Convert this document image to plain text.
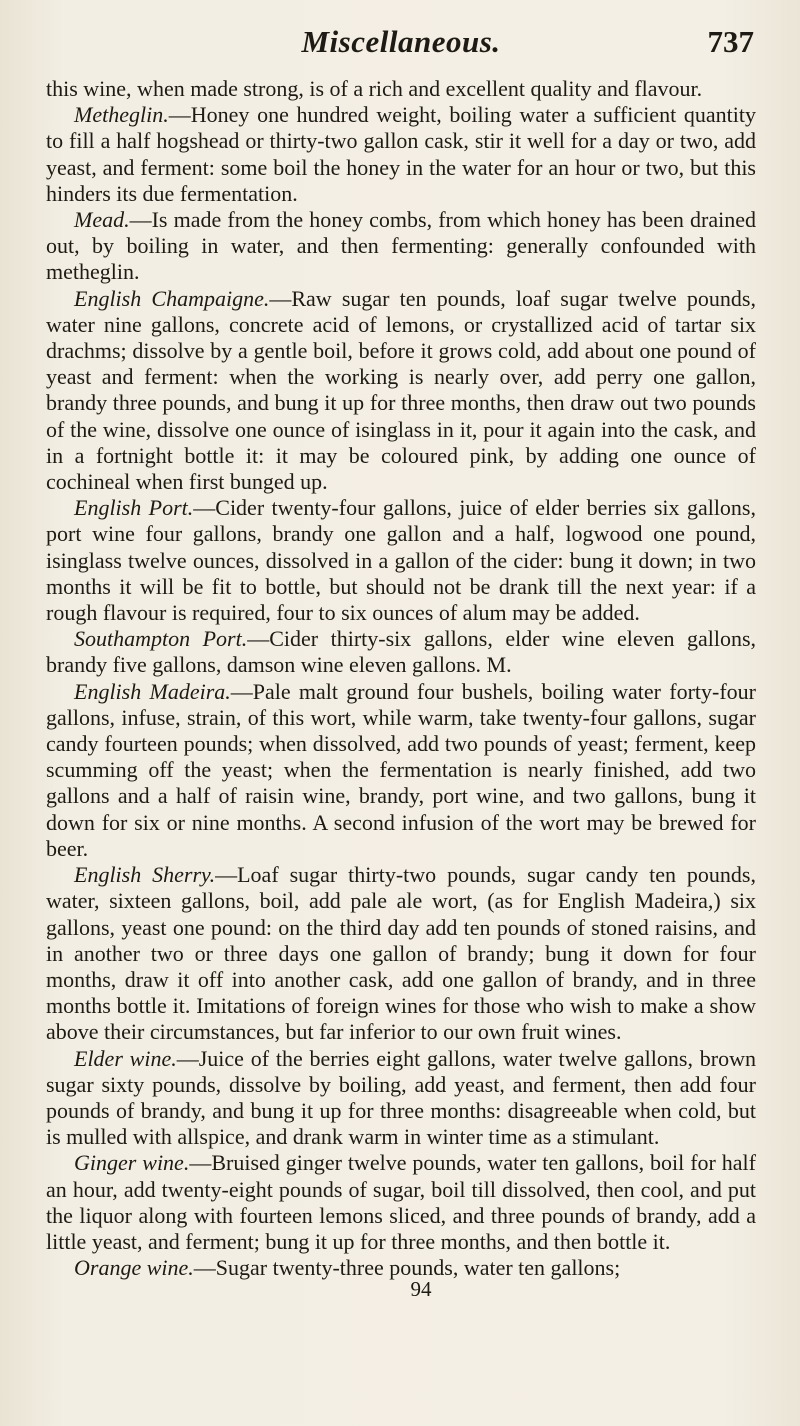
Miscellaneous.	737

this wine, when made strong, is of a rich and excellent quality and flavour.

Metheglin.—Honey one hundred weight, boiling water a sufficient quantity to fill a half hogshead or thirty-two gallon cask, stir it well for a day or two, add yeast, and ferment: some boil the honey in the water for an hour or two, but this hinders its due fermentation.

Mead.—Is made from the honey combs, from which honey has been drained out, by boiling in water, and then fermenting: generally confounded with metheglin.

English Champaigne.—Raw sugar ten pounds, loaf sugar twelve pounds, water nine gallons, concrete acid of lemons, or crystallized acid of tartar six drachms; dissolve by a gentle boil, before it grows cold, add about one pound of yeast and ferment: when the working is nearly over, add perry one gallon, brandy three pounds, and bung it up for three months, then draw out two pounds of the wine, dissolve one ounce of isinglass in it, pour it again into the cask, and in a fortnight bottle it: it may be coloured pink, by adding one ounce of cochineal when first bunged up.

English Port.—Cider twenty-four gallons, juice of elder berries six gallons, port wine four gallons, brandy one gallon and a half, logwood one pound, isinglass twelve ounces, dissolved in a gallon of the cider: bung it down; in two months it will be fit to bottle, but should not be drank till the next year: if a rough flavour is required, four to six ounces of alum may be added.

Southampton Port.—Cider thirty-six gallons, elder wine eleven gallons, brandy five gallons, damson wine eleven gallons. M.

English Madeira.—Pale malt ground four bushels, boiling water forty-four gallons, infuse, strain, of this wort, while warm, take twenty-four gallons, sugar candy fourteen pounds; when dissolved, add two pounds of yeast; ferment, keep scumming off the yeast; when the fermentation is nearly finished, add two gallons and a half of raisin wine, brandy, port wine, and two gallons, bung it down for six or nine months. A second infusion of the wort may be brewed for beer.

English Sherry.—Loaf sugar thirty-two pounds, sugar candy ten pounds, water, sixteen gallons, boil, add pale ale wort, (as for English Madeira,) six gallons, yeast one pound: on the third day add ten pounds of stoned raisins, and in another two or three days one gallon of brandy; bung it down for four months, draw it off into another cask, add one gallon of brandy, and in three months bottle it. Imitations of foreign wines for those who wish to make a show above their circumstances, but far inferior to our own fruit wines.

Elder wine.—Juice of the berries eight gallons, water twelve gallons, brown sugar sixty pounds, dissolve by boiling, add yeast, and ferment, then add four pounds of brandy, and bung it up for three months: disagreeable when cold, but is mulled with allspice, and drank warm in winter time as a stimulant.

Ginger wine.—Bruised ginger twelve pounds, water ten gallons, boil for half an hour, add twenty-eight pounds of sugar, boil till dissolved, then cool, and put the liquor along with fourteen lemons sliced, and three pounds of brandy, add a little yeast, and ferment; bung it up for three months, and then bottle it.

Orange wine.—Sugar twenty-three pounds, water ten gallons;

94
